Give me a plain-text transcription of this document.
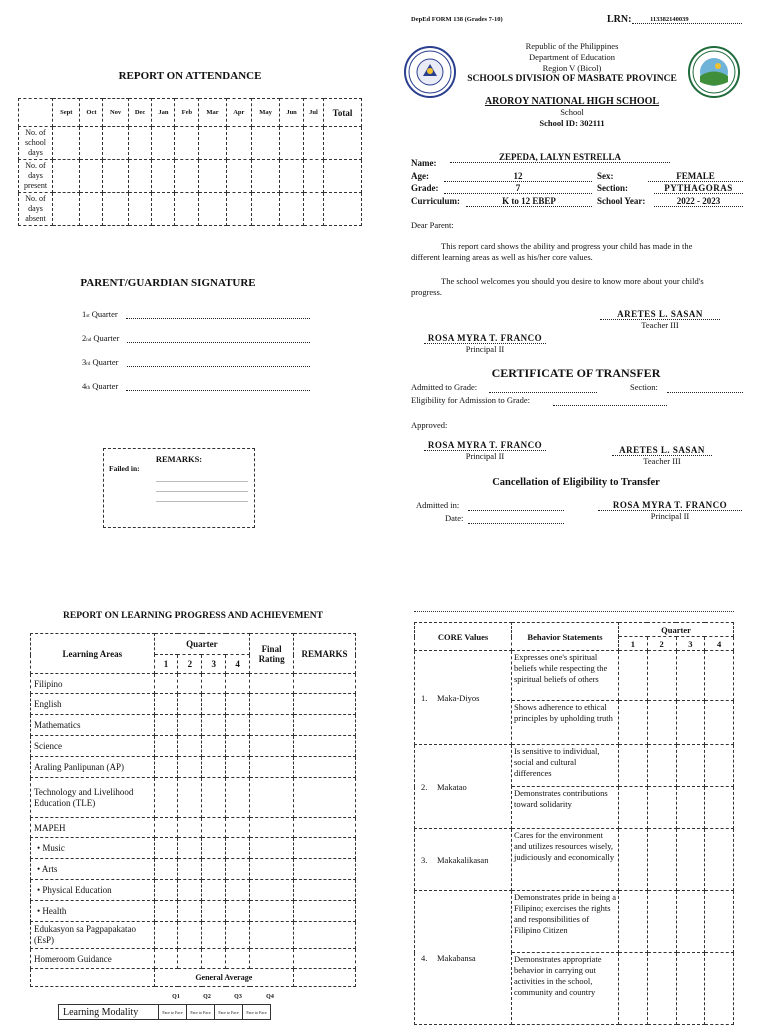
DepEd FORM 138 (Grades 7-10)	LRN:	113382140039
Republic of the Philippines
Department of Education
Region V (Bicol)
SCHOOLS DIVISION OF MASBATE PROVINCE
AROROY NATIONAL HIGH SCHOOL
School
School ID: 302111
Name:
ZEPEDA, LALYN ESTRELLA
Age:	12	Sex:	FEMALE
Grade:	7	Section:	PYTHAGORAS
Curriculum:	K to 12 EBEP	School Year:	2022 - 2023
Dear Parent:
This report card shows the ability and progress your child has made in the different learning areas as well as his/her core values.
The school welcomes you should you desire to know more about your child's progress.
ARETES L. SASAN
Teacher III
ROSA MYRA T. FRANCO
Principal II
CERTIFICATE OF TRANSFER
Admitted to Grade:	Section:
Eligibility for Admission to Grade:
Approved:
ROSA MYRA T. FRANCO
Principal II
ARETES L. SASAN
Teacher III
Cancellation of Eligibility to Transfer
Admitted in:
Date:
ROSA MYRA T. FRANCO
Principal II
REPORT ON ATTENDANCE
	Sept	Oct	Nov	Dec	Jan	Feb	Mar	Apr	May	Jun	Jul	Total
No. of school days												
No. of days present												
No. of days absent												
PARENT/GUARDIAN SIGNATURE
$1_{st}$
Quarter
$2_{nd}$
Quarter
$3_{rd}$
Quarter
$4_{th}$
Quarter
REMARKS:
Failed in:
REPORT ON LEARNING PROGRESS AND ACHIEVEMENT
Learning Areas	Quarter				Final Rating	REMARKS
	1	2	3	4		
Filipino						
English						
Mathematics						
Science						
Araling Panlipunan (AP)						
Technology and Livelihood Education (TLE)						
MAPEH						
• Music						
• Arts						
• Physical Education						
• Health						
Edukasyon sa Pagpapakatao (EsP)						
Homeroom Guidance						
	General Average					
Q1	Q2	Q3	Q4
Learning Modality	Face to Face	Face to Face	Face to Face	Face to Face
CORE Values	Behavior Statements	Quarter			
		1	2	3	4
1. Maka-Diyos	Expresses one's spiritual beliefs while respecting the spiritual beliefs of others				
	Shows adherence to ethical principles by upholding truth				
2. Makatao	Is sensitive to individual, social and cultural differences				
	Demonstrates contributions toward solidarity				
3. Makakalikasan	Cares for the environment and utilizes resources wisely, judiciously and economically				
4. Makabansa	Demonstrates pride in being a Filipino; exercises the rights and responsibilities of Filipino Citizen				
	Demonstrates appropriate behavior in carrying out activities in the school, community and country				
